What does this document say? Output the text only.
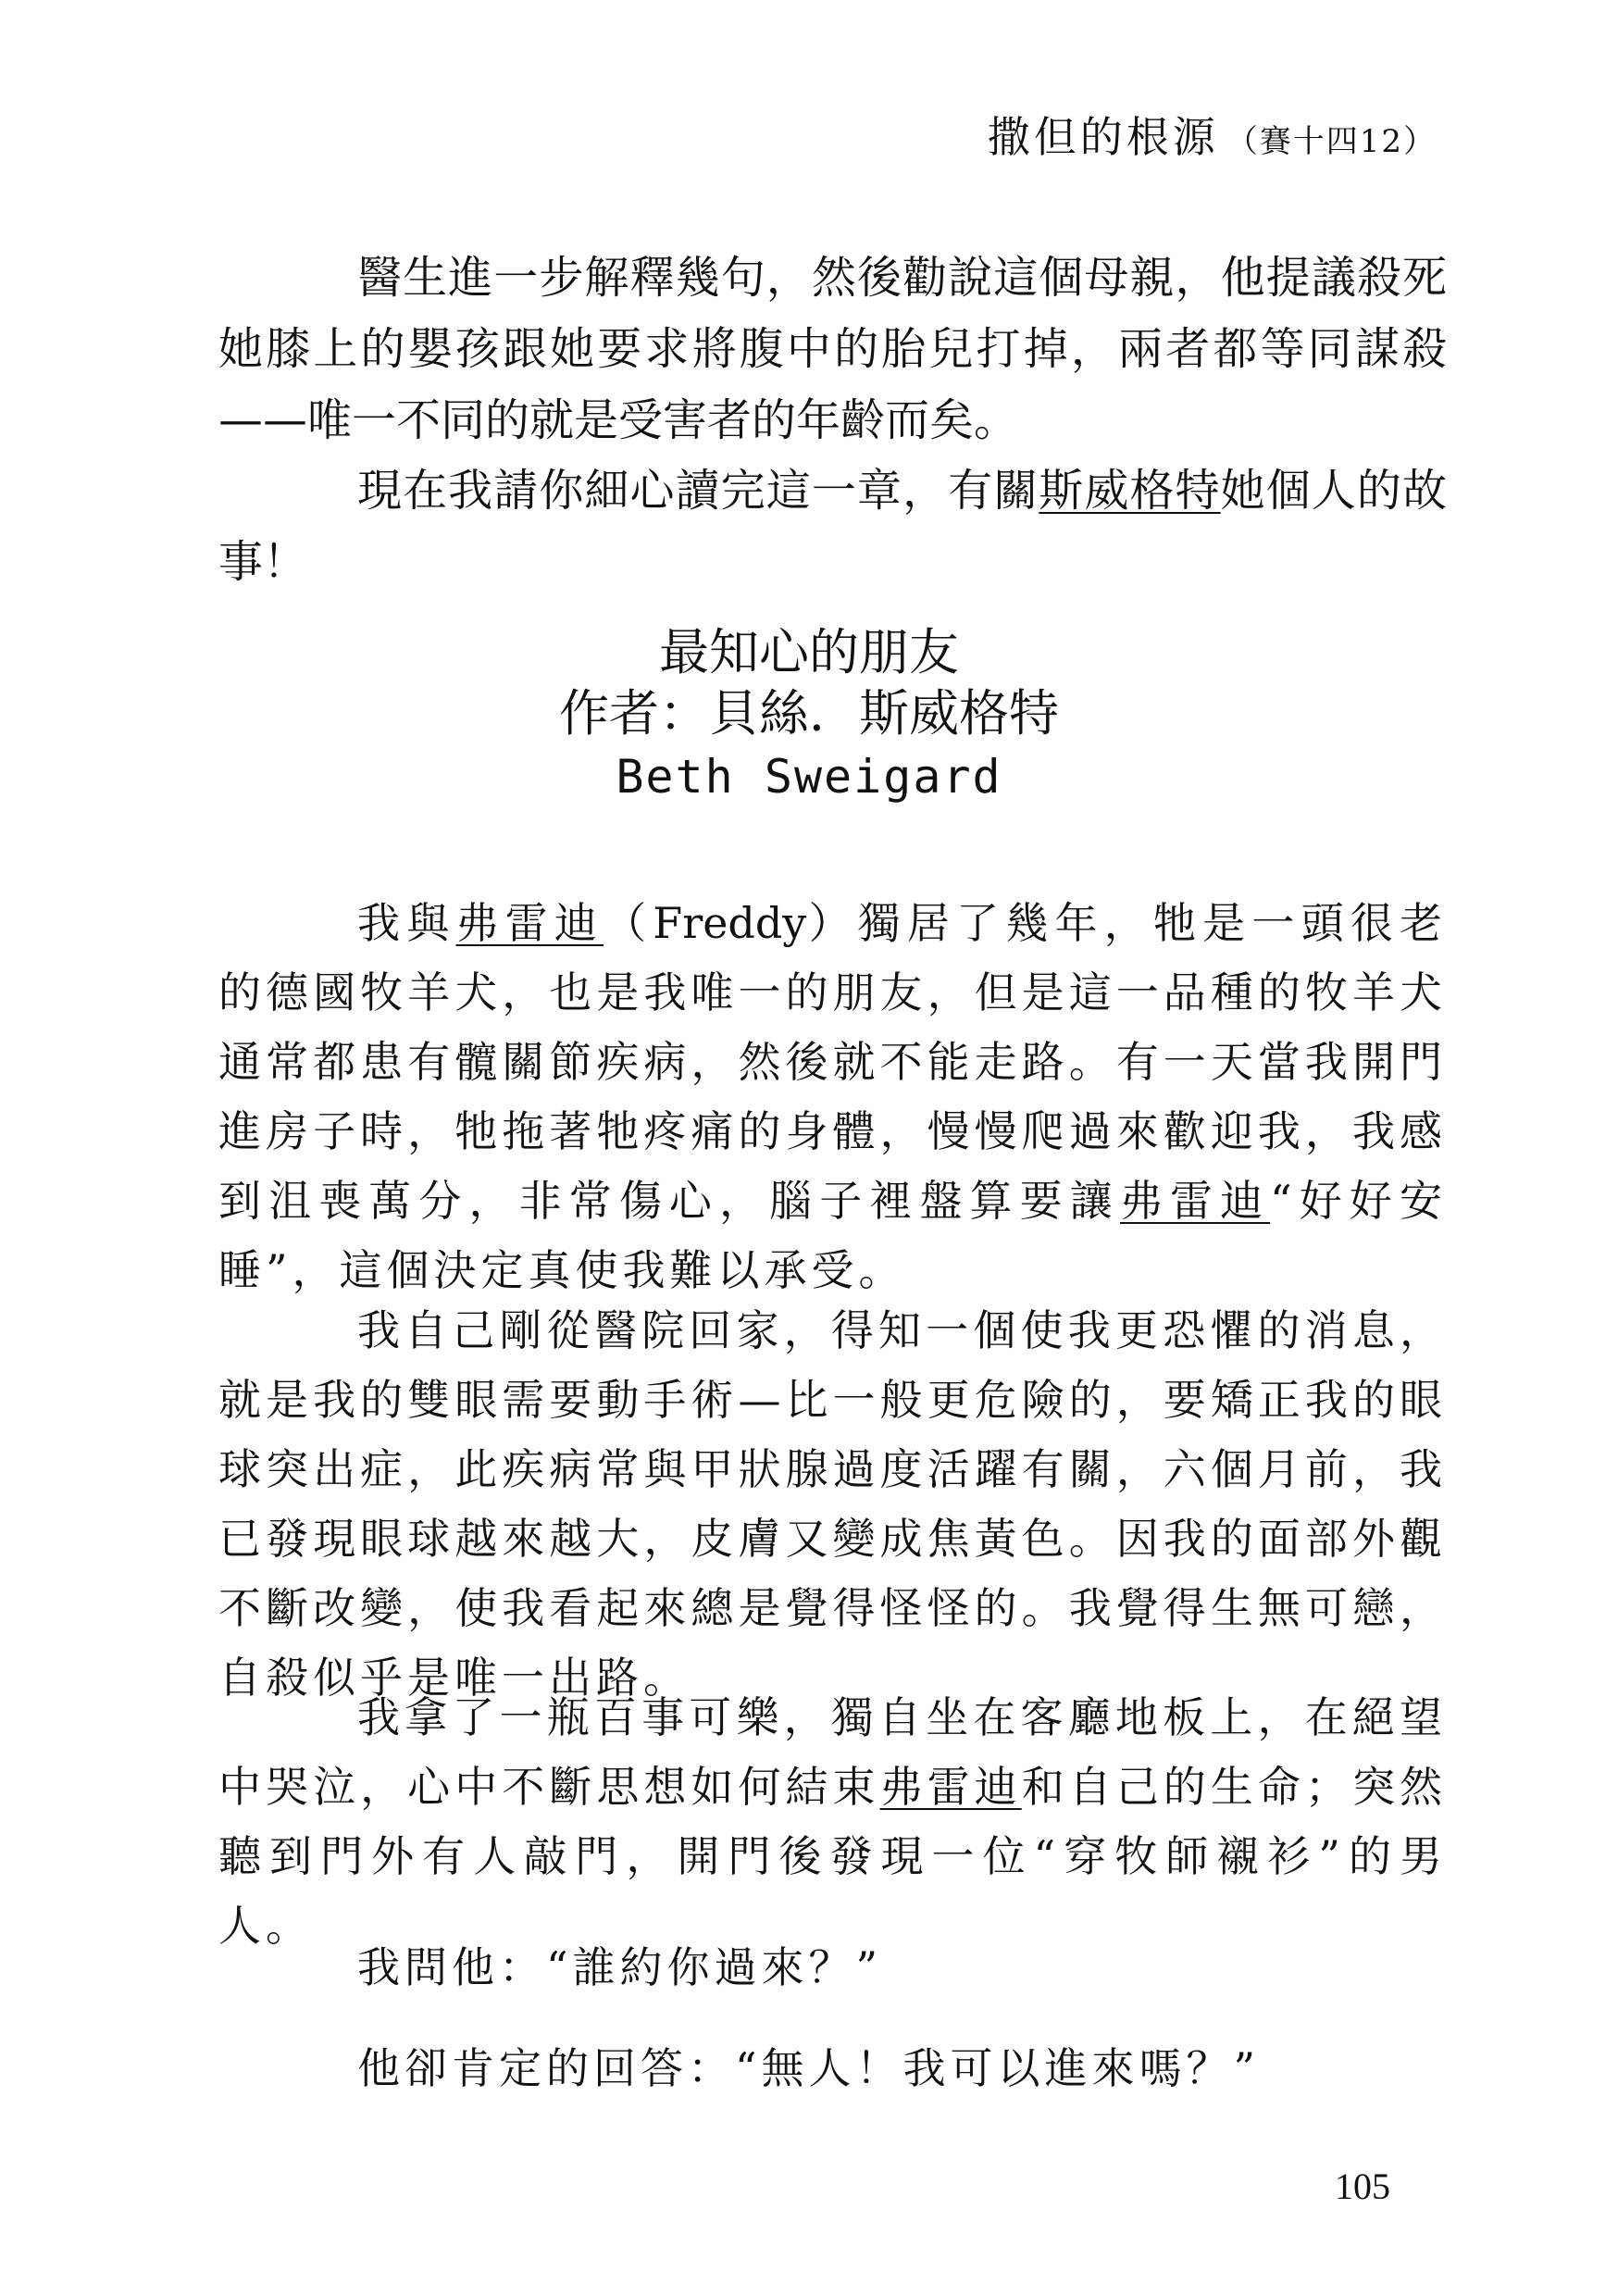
撒但的根源 （賽十四12）

醫生進一步解釋幾句，然後勸說這個母親，他提議殺死她膝上的嬰孩跟她要求將腹中的胎兒打掉，兩者都等同謀殺——唯一不同的就是受害者的年齡而矣。

現在我請你細心讀完這一章，有關斯威格特她個人的故事！

最知心的朋友
作者：貝絲．斯威格特
Beth Sweigard

我與弗雷迪（Freddy）獨居了幾年，牠是一頭很老的德國牧羊犬，也是我唯一的朋友，但是這一品種的牧羊犬通常都患有髖關節疾病，然後就不能走路。有一天當我開門進房子時，牠拖著牠疼痛的身體，慢慢爬過來歡迎我，我感到沮喪萬分，非常傷心，腦子裡盤算要讓弗雷迪“好好安睡”，這個決定真使我難以承受。

我自己剛從醫院回家，得知一個使我更恐懼的消息，就是我的雙眼需要動手術—比一般更危險的，要矯正我的眼球突出症，此疾病常與甲狀腺過度活躍有關，六個月前，我已發現眼球越來越大，皮膚又變成焦黃色。因我的面部外觀不斷改變，使我看起來總是覺得怪怪的。我覺得生無可戀，自殺似乎是唯一出路。

我拿了一瓶百事可樂，獨自坐在客廳地板上，在絕望中哭泣，心中不斷思想如何結束弗雷迪和自己的生命；突然聽到門外有人敲門，開門後發現一位“穿牧師襯衫”的男人。

我問他：“誰約你過來？”

他卻肯定的回答：“無人！我可以進來嗎？”

105
